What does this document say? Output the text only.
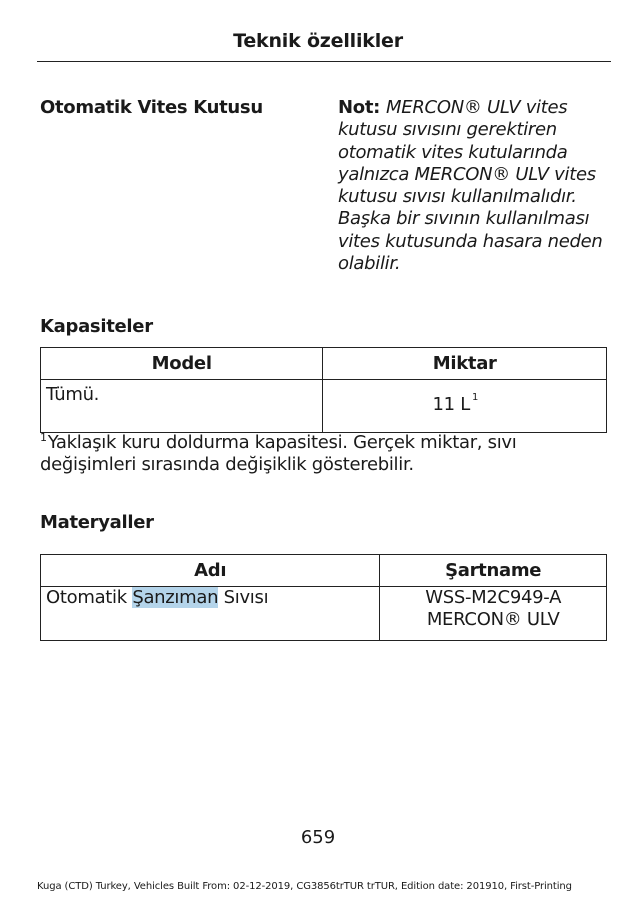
Teknik özellikler
Otomatik Vites Kutusu	Not: MERCON® ULV vites kutusu sıvısını gerektiren otomatik vites kutularında yalnızca MERCON® ULV vites kutusu sıvısı kullanılmalıdır. Başka bir sıvının kullanılması vites kutusunda hasara neden olabilir.
Kapasiteler
Model	Miktar
Tümü.	11 L $^1$
$^1$Yaklaşık kuru doldurma kapasitesi. Gerçek miktar, sıvı değişimleri sırasında değişiklik gösterebilir.
Materyaller
Adı	Şartname
Otomatik Şanzıman Sıvısı	WSS-M2C949-A
MERCON® ULV
659
Kuga (CTD) Turkey, Vehicles Built From: 02-12-2019, CG3856trTUR trTUR, Edition date: 201910, First-Printing
